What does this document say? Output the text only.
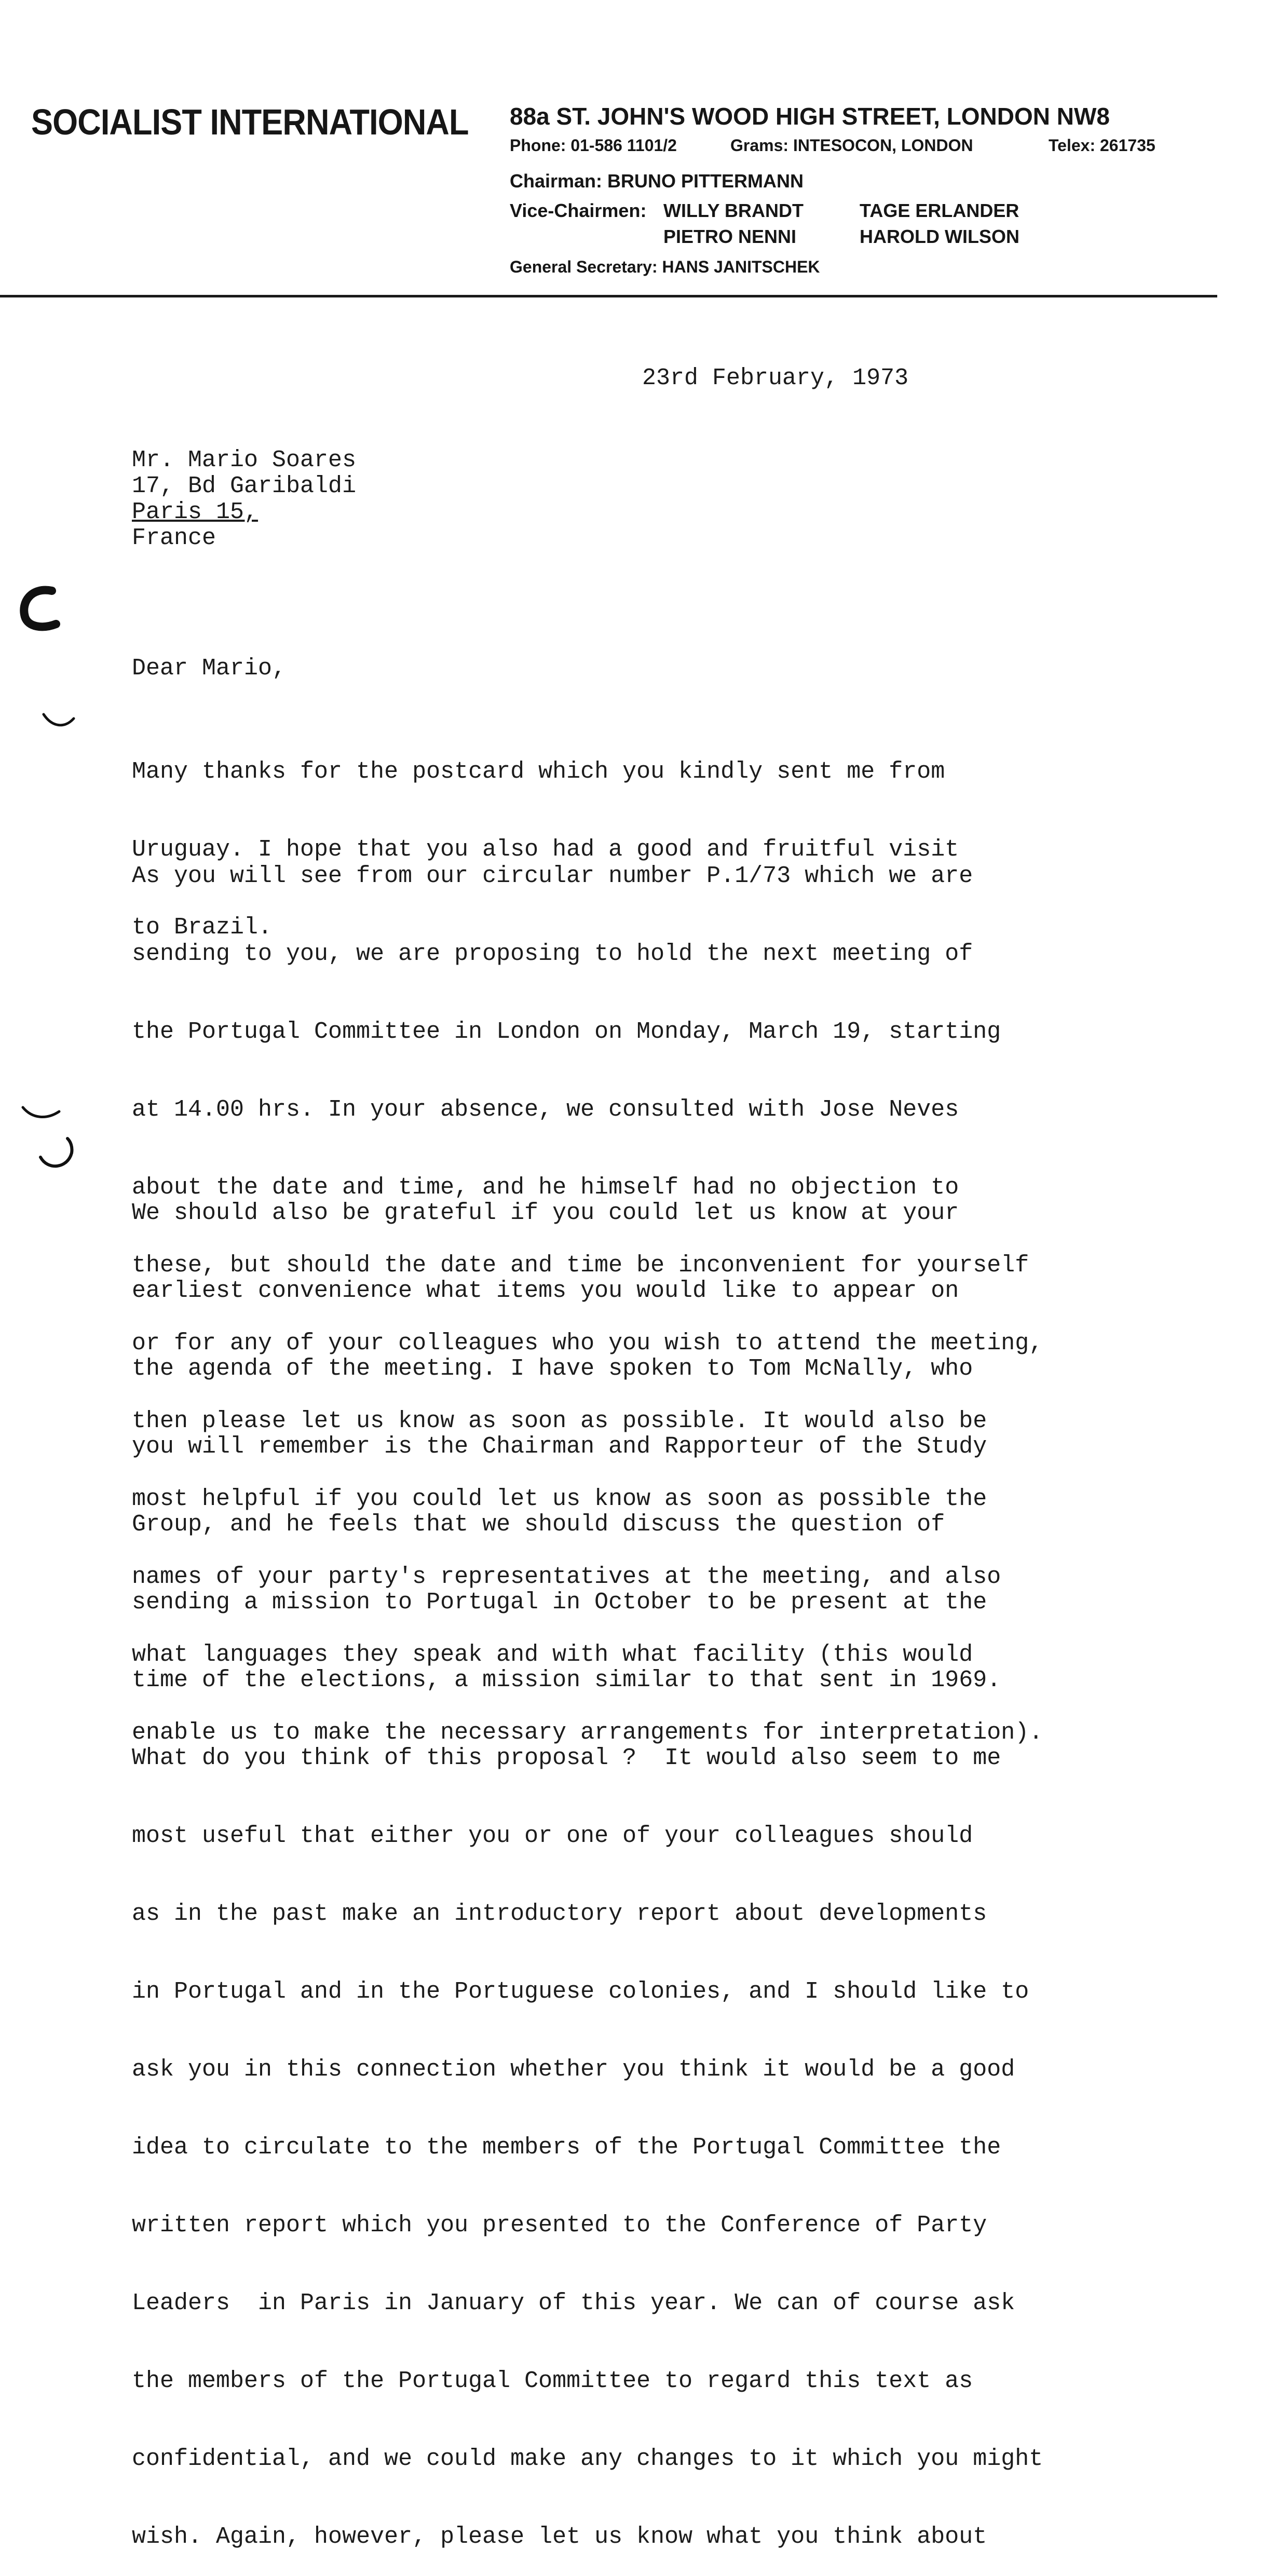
SOCIALIST INTERNATIONAL 88a ST. JOHN'S WOOD HIGH STREET, LONDON NW8
Phone: 01-586 1101/2	Grams: INTESOCON, LONDON	Telex: 261735
Chairman: BRUNO PITTERMANN
Vice-Chairmen: WILLY BRANDT	TAGE ERLANDER
PIETRO NENNI	HAROLD WILSON
General Secretary: HANS JANITSCHEK
23rd February, 1973
Mr. Mario Soares
17, Bd Garibaldi
Paris 15,
France
Dear Mario,

Many thanks for the postcard which you kindly sent me from

Uruguay. I hope that you also had a good and fruitful visit

to Brazil.

As you will see from our circular number P.1/73 which we are

sending to you, we are proposing to hold the next meeting of

the Portugal Committee in London on Monday, March 19, starting

at 14.00 hrs. In your absence, we consulted with Jose Neves

about the date and time, and he himself had no objection to

these, but should the date and time be inconvenient for yourself

or for any of your colleagues who you wish to attend the meeting,

then please let us know as soon as possible. It would also be

most helpful if you could let us know as soon as possible the

names of your party's representatives at the meeting, and also

what languages they speak and with what facility (this would

enable us to make the necessary arrangements for interpretation).

We should also be grateful if you could let us know at your

earliest convenience what items you would like to appear on

the agenda of the meeting. I have spoken to Tom McNally, who

you will remember is the Chairman and Rapporteur of the Study

Group, and he feels that we should discuss the question of

sending a mission to Portugal in October to be present at the

time of the elections, a mission similar to that sent in 1969.

What do you think of this proposal ?  It would also seem to me

most useful that either you or one of your colleagues should

as in the past make an introductory report about developments

in Portugal and in the Portuguese colonies, and I should like to

ask you in this connection whether you think it would be a good

idea to circulate to the members of the Portugal Committee the

written report which you presented to the Conference of Party

Leaders  in Paris in January of this year. We can of course ask

the members of the Portugal Committee to regard this text as

confidential, and we could make any changes to it which you might

wish. Again, however, please let us know what you think about
